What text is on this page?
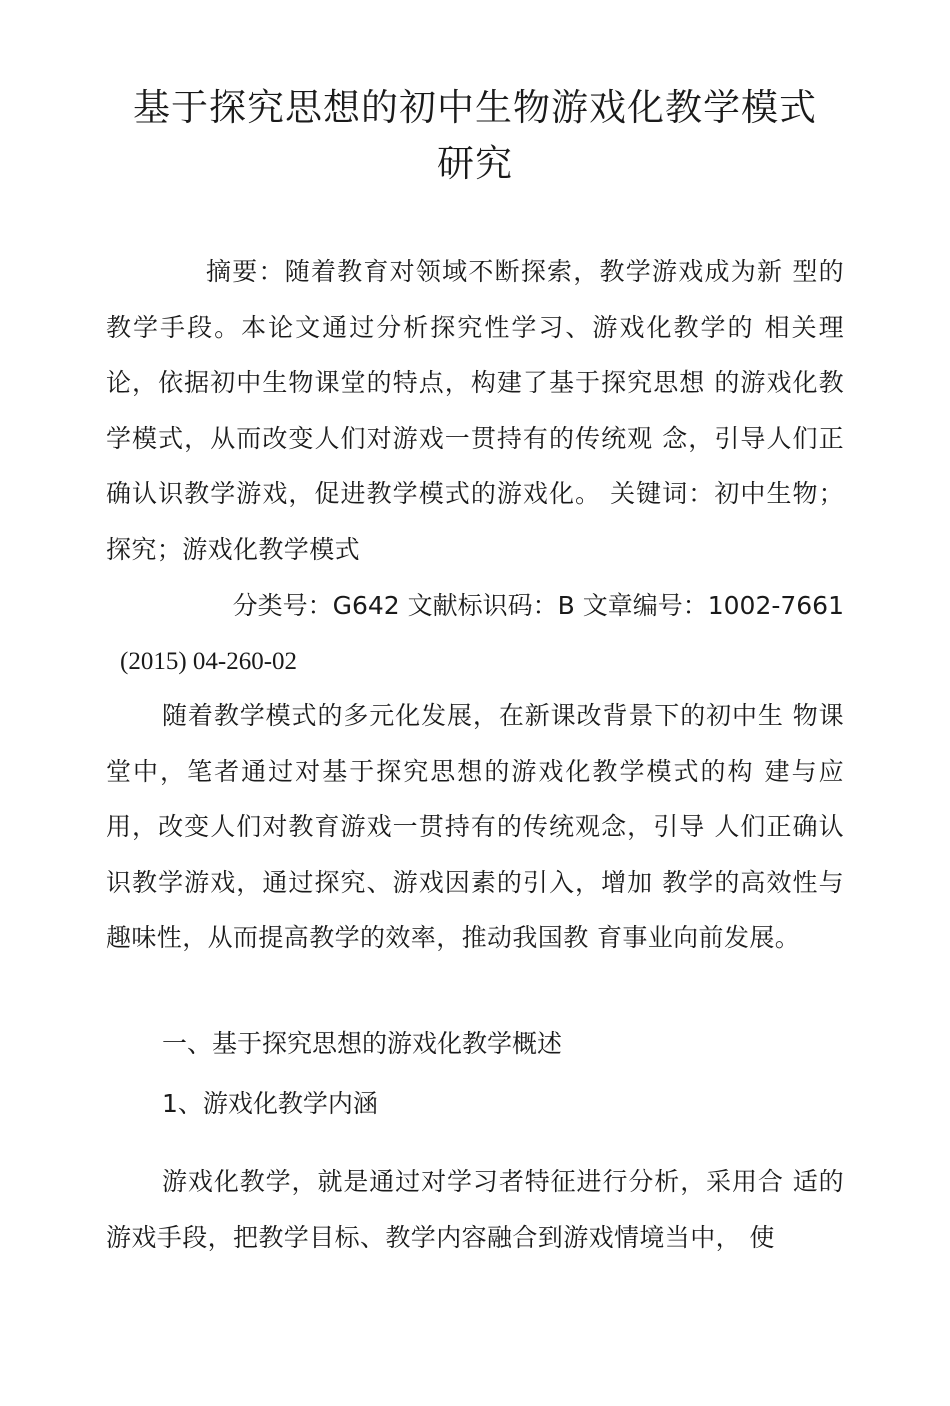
基于探究思想的初中生物游戏化教学模式
研究

摘要：随着教育对领域不断探索，教学游戏成为新 型的教学手段。本论文通过分析探究性学习、游戏化教学的 相关理论，依据初中生物课堂的特点，构建了基于探究思想 的游戏化教学模式，从而改变人们对游戏一贯持有的传统观 念，引导人们正确认识教学游戏，促进教学模式的游戏化。 关键词：初中生物；探究；游戏化教学模式

分类号：G642 文献标识码：B 文章编号：1002-7661
(2015) 04-260-02

随着教学模式的多元化发展，在新课改背景下的初中生 物课堂中，笔者通过对基于探究思想的游戏化教学模式的构 建与应用，改变人们对教育游戏一贯持有的传统观念，引导 人们正确认识教学游戏，通过探究、游戏因素的引入，增加 教学的高效性与趣味性，从而提高教学的效率，推动我国教 育事业向前发展。

一、基于探究思想的游戏化教学概述
1、游戏化教学内涵

游戏化教学，就是通过对学习者特征进行分析，采用合 适的游戏手段，把教学目标、教学内容融合到游戏情境当中， 使
